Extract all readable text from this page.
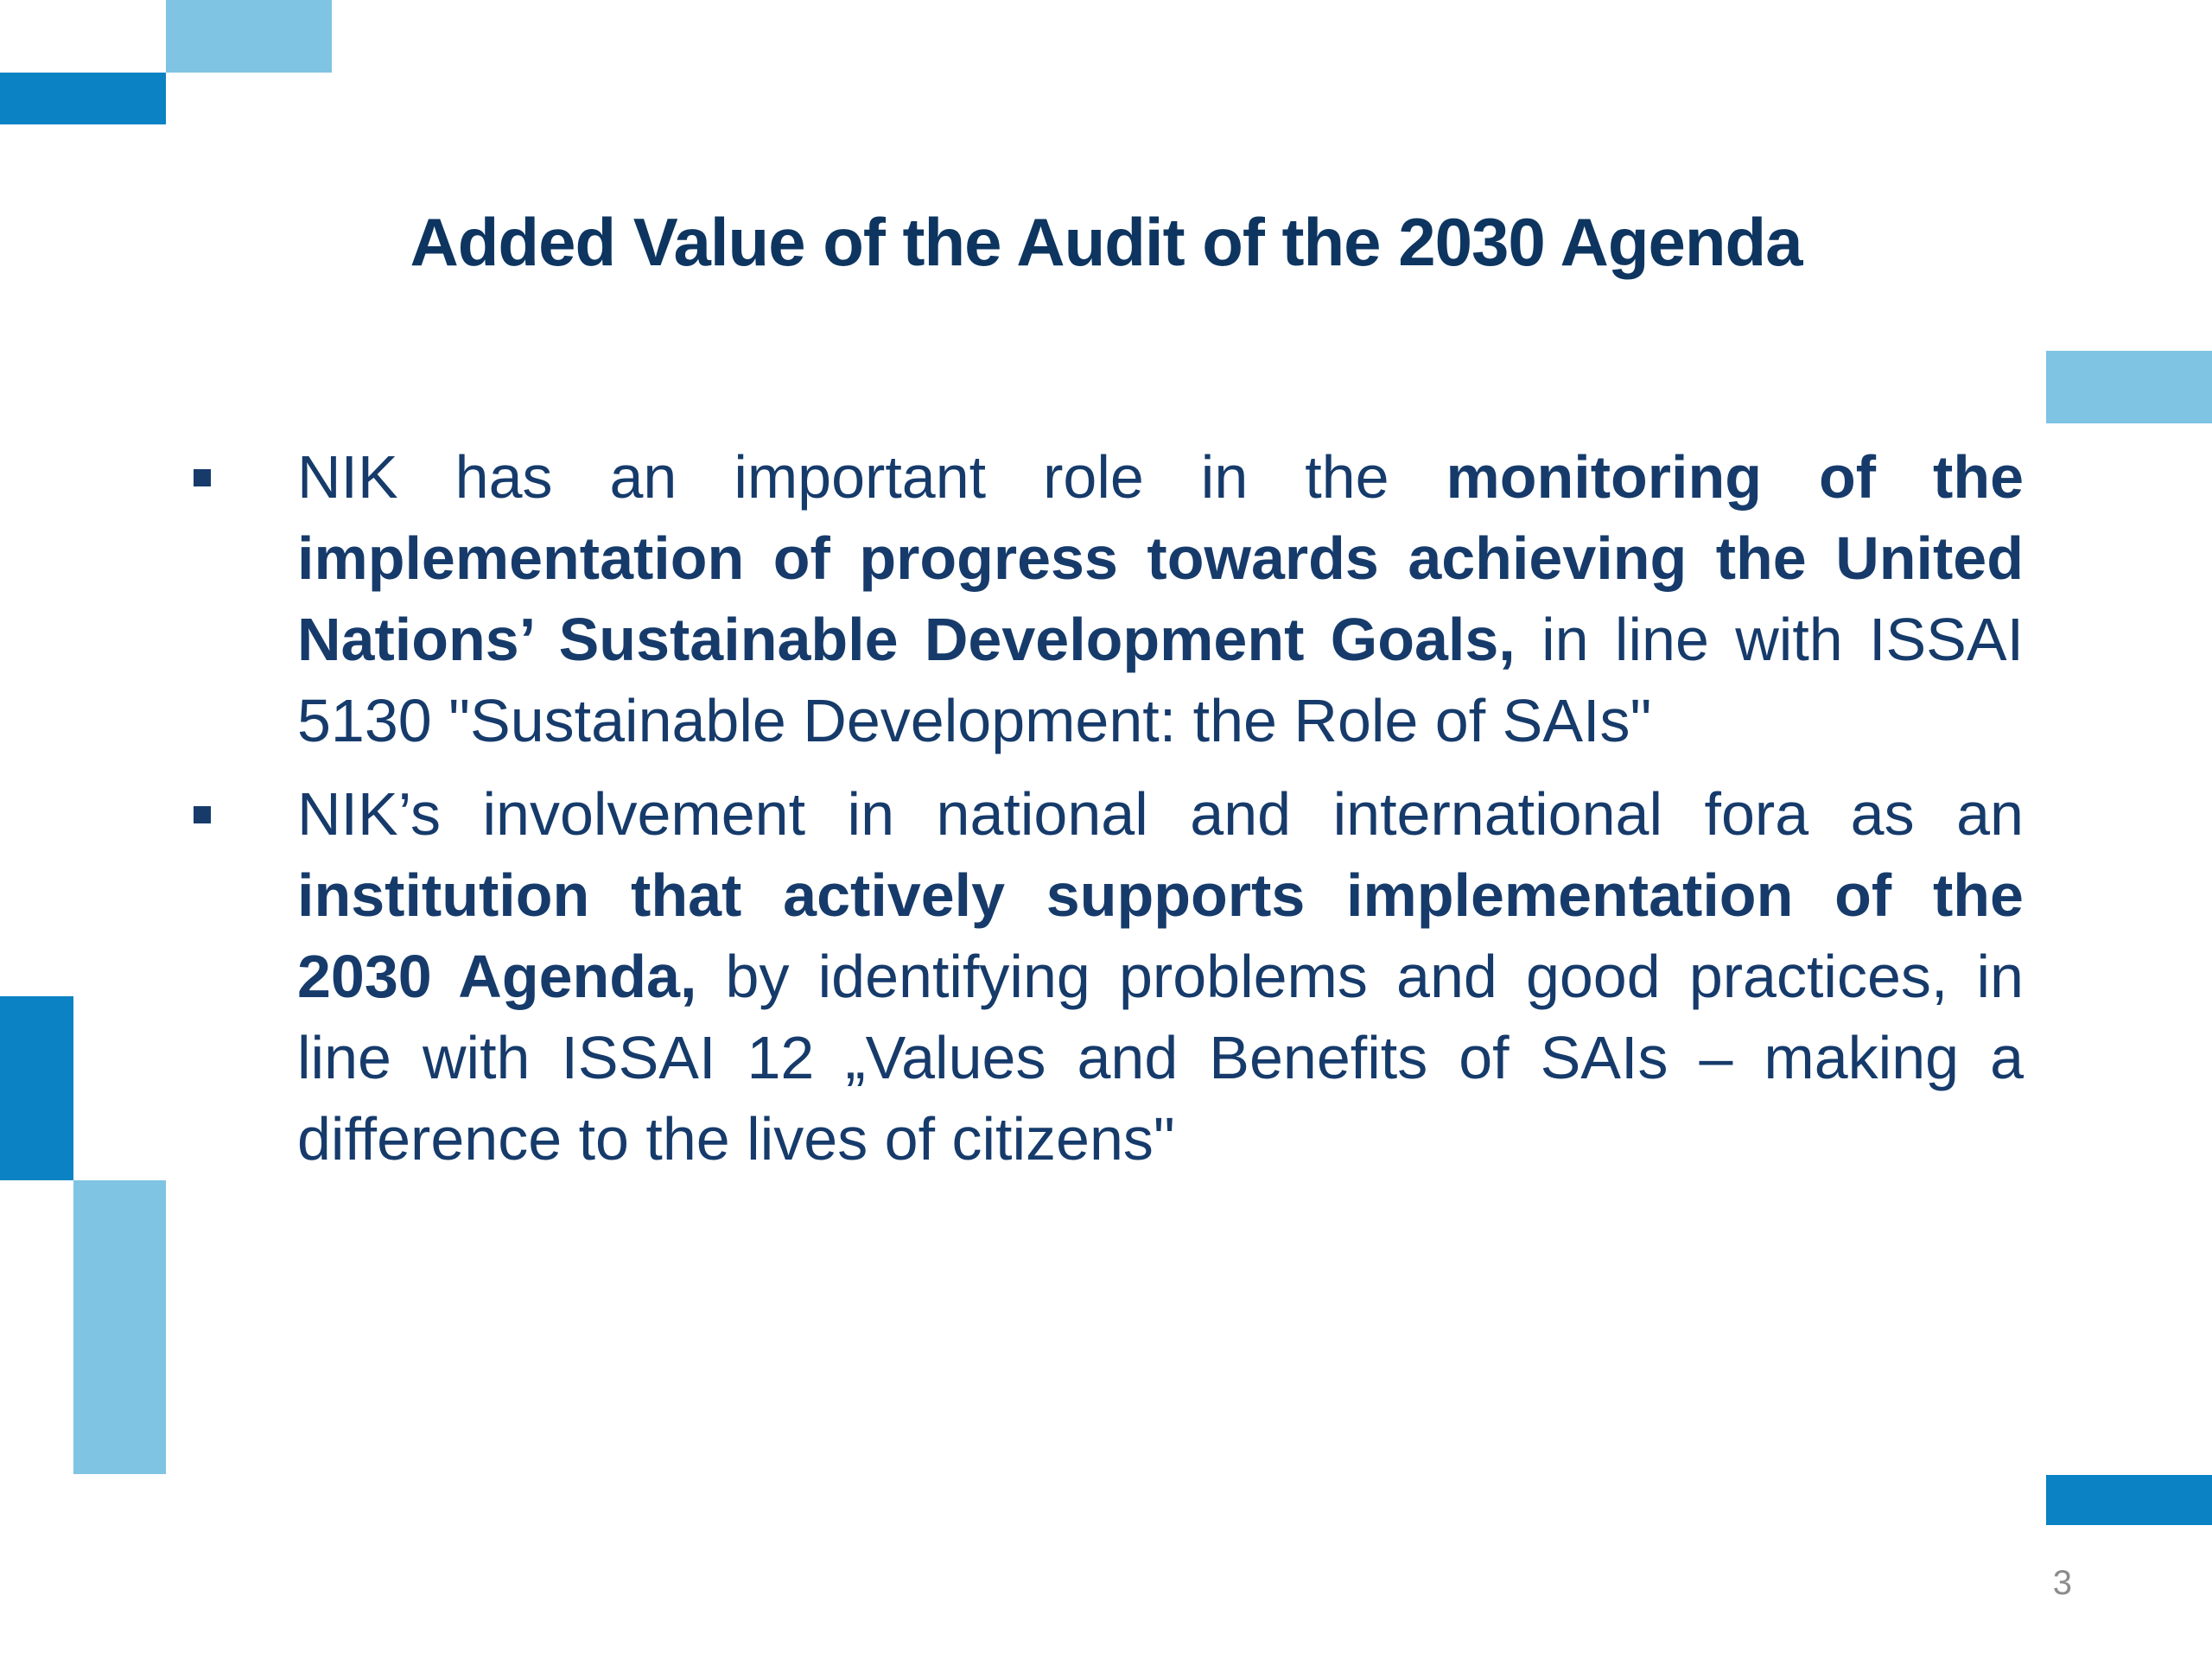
Added Value of the Audit of the 2030 Agenda

NIK has an important role in the monitoring of the implementation of progress towards achieving the United Nations’ Sustainable Development Goals, in line with ISSAI 5130 "Sustainable Development: the Role of SAIs"

NIK’s involvement in national and international fora as an institution that actively supports implementation of the 2030 Agenda, by identifying problems and good practices, in line with ISSAI 12 „Values and Benefits of SAIs – making a difference to the lives of citizens"

3
